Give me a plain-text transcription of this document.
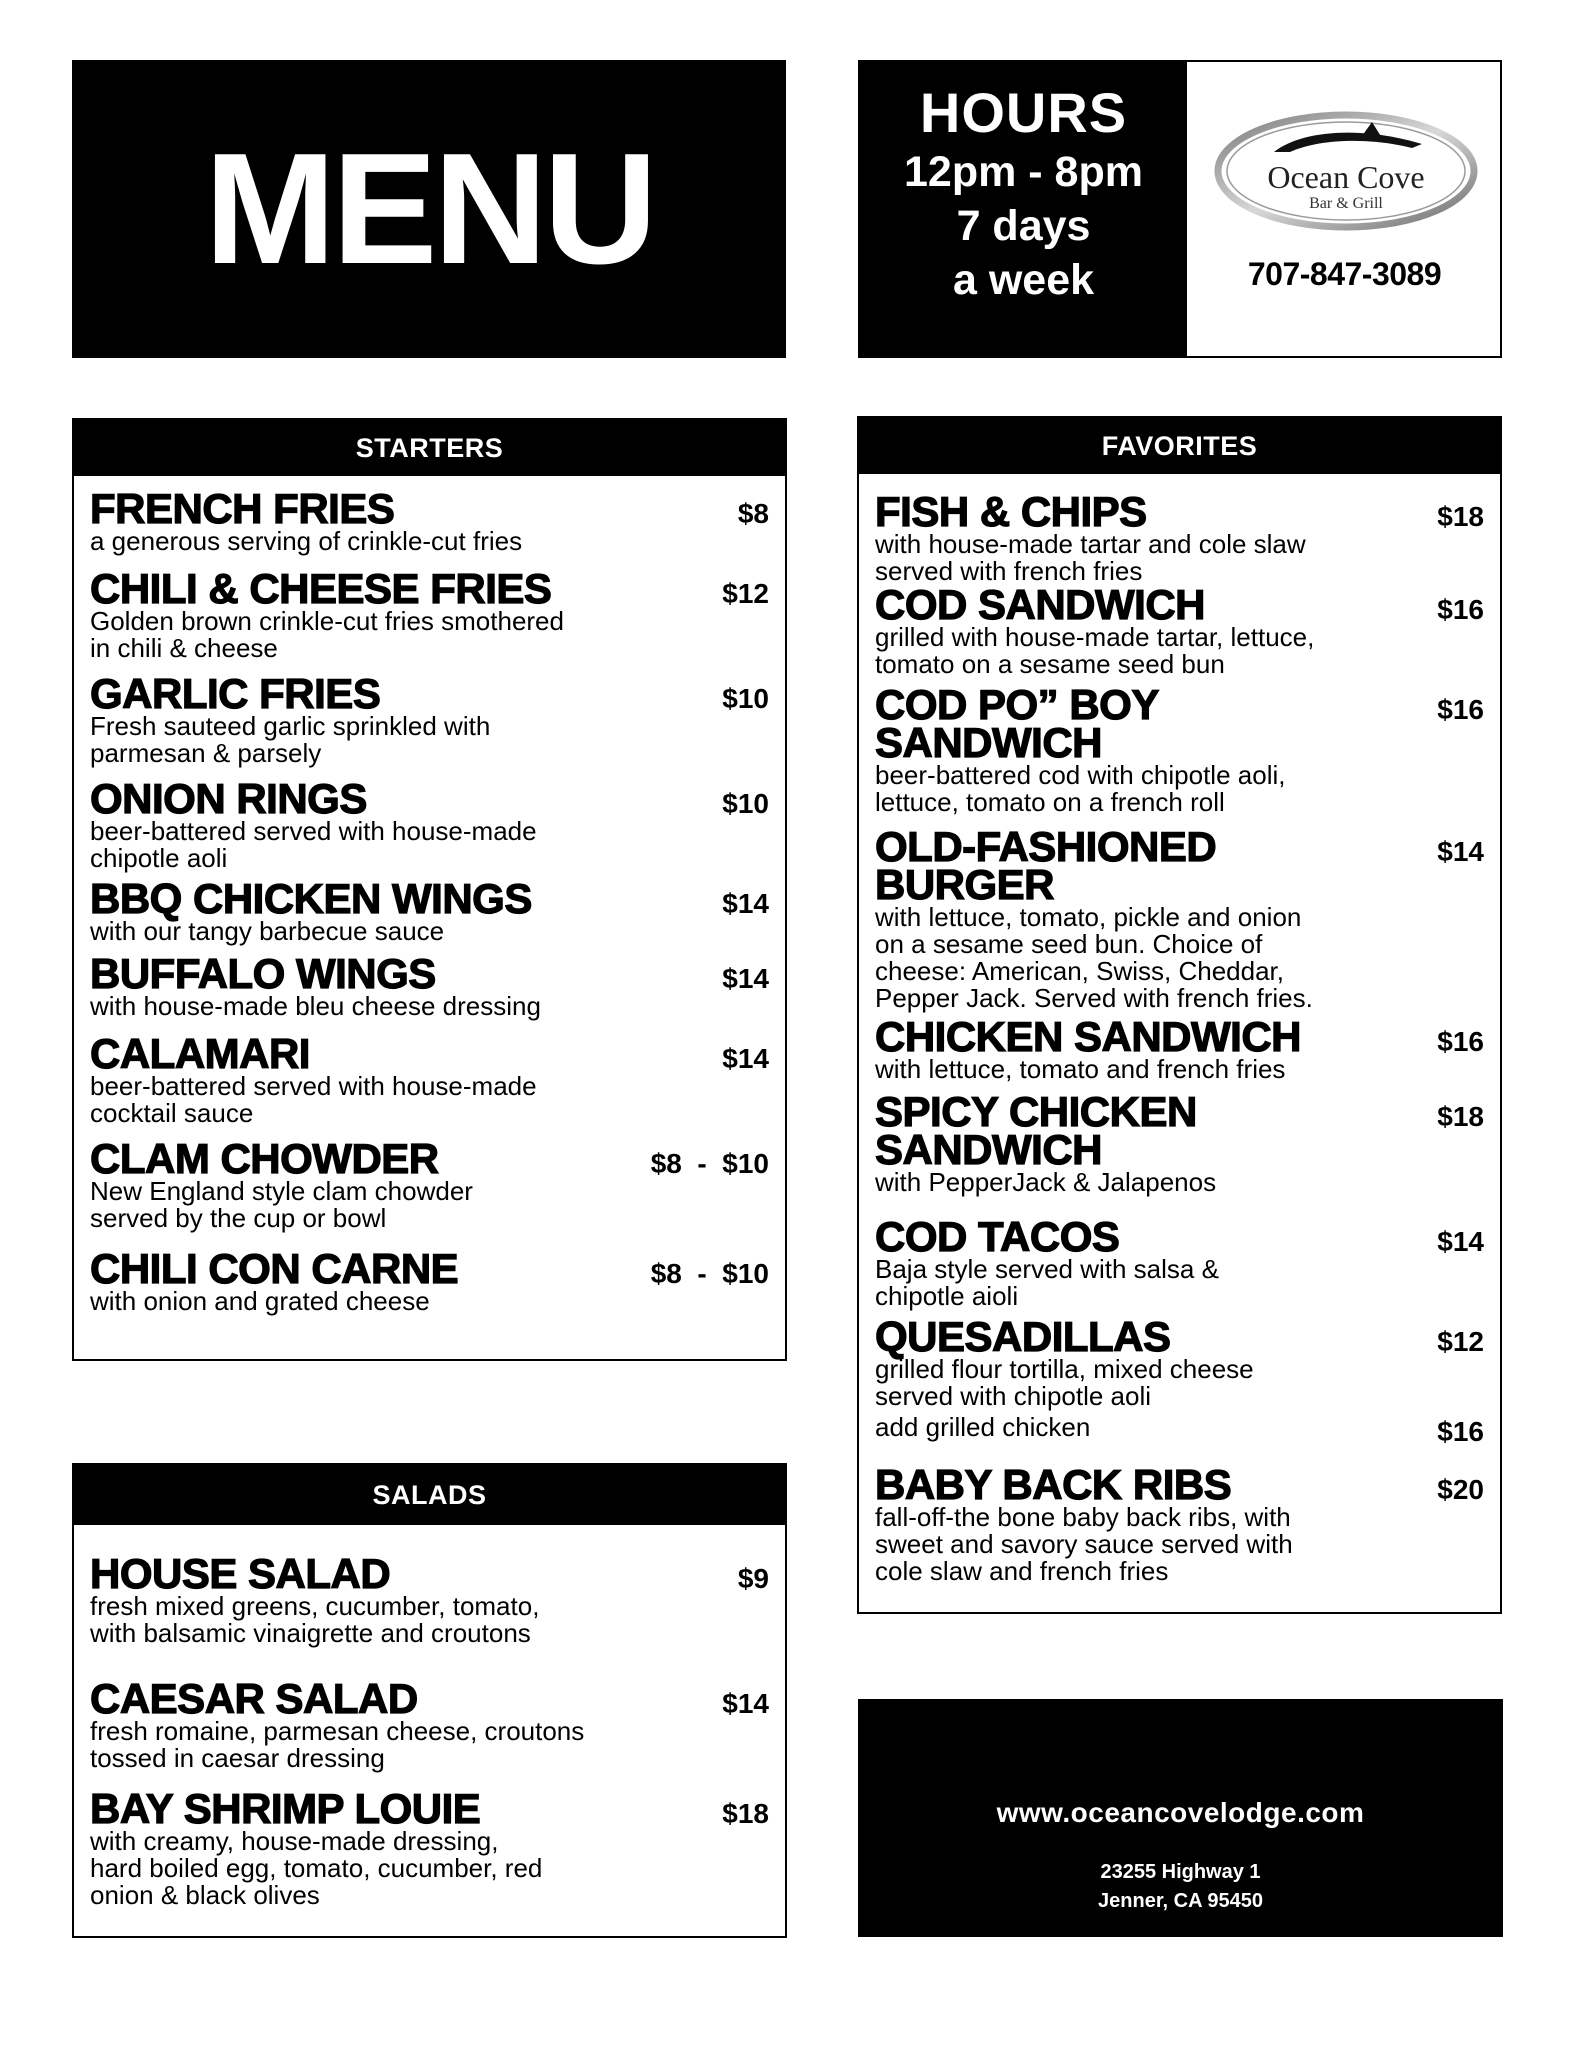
MENU
HOURS
12pm - 8pm
7 days
a week
Ocean Cove
Bar & Grill
707-847-3089
STARTERS
FRENCH FRIES
a generous serving of crinkle-cut fries
$8
CHILI & CHEESE FRIES
Golden brown crinkle-cut fries smothered
in chili & cheese
$12
GARLIC FRIES
Fresh sauteed garlic sprinkled with
parmesan & parsely
$10
ONION RINGS
beer-battered served with house-made
chipotle aoli
$10
BBQ CHICKEN WINGS
with our tangy barbecue sauce
$14
BUFFALO WINGS
with house-made bleu cheese dressing
$14
CALAMARI
beer-battered served with house-made
cocktail sauce
$14
CLAM CHOWDER
New England style clam chowder
served by the cup or bowl
$8  -  $10
CHILI CON CARNE
with onion and grated cheese
$8  -  $10
SALADS
HOUSE SALAD
fresh mixed greens, cucumber, tomato,
with balsamic vinaigrette and croutons
$9
CAESAR SALAD
fresh romaine, parmesan cheese, croutons
tossed in caesar dressing
$14
BAY SHRIMP LOUIE
with creamy, house-made dressing,
hard boiled egg, tomato, cucumber, red
onion & black olives
$18
FAVORITES
FISH & CHIPS
with house-made tartar and cole slaw
served with french fries
$18
COD SANDWICH
grilled with house-made tartar, lettuce,
tomato on a sesame seed bun
$16
COD PO” BOY
SANDWICH
beer-battered cod with chipotle aoli,
lettuce, tomato on a french roll
$16
OLD-FASHIONED
BURGER
with lettuce, tomato, pickle and onion
on a sesame seed bun. Choice of
cheese: American, Swiss, Cheddar,
Pepper Jack. Served with french fries.
$14
CHICKEN SANDWICH
with lettuce, tomato and french fries
$16
SPICY CHICKEN
SANDWICH
with PepperJack & Jalapenos
$18
COD TACOS
Baja style served with salsa &
chipotle aioli
$14
QUESADILLAS
grilled flour tortilla, mixed cheese
served with chipotle aoli
$12
add grilled chicken	$16
BABY BACK RIBS
fall-off-the bone baby back ribs, with
sweet and savory sauce served with
cole slaw and french fries
$20
www.oceancovelodge.com
23255 Highway 1
Jenner, CA 95450
